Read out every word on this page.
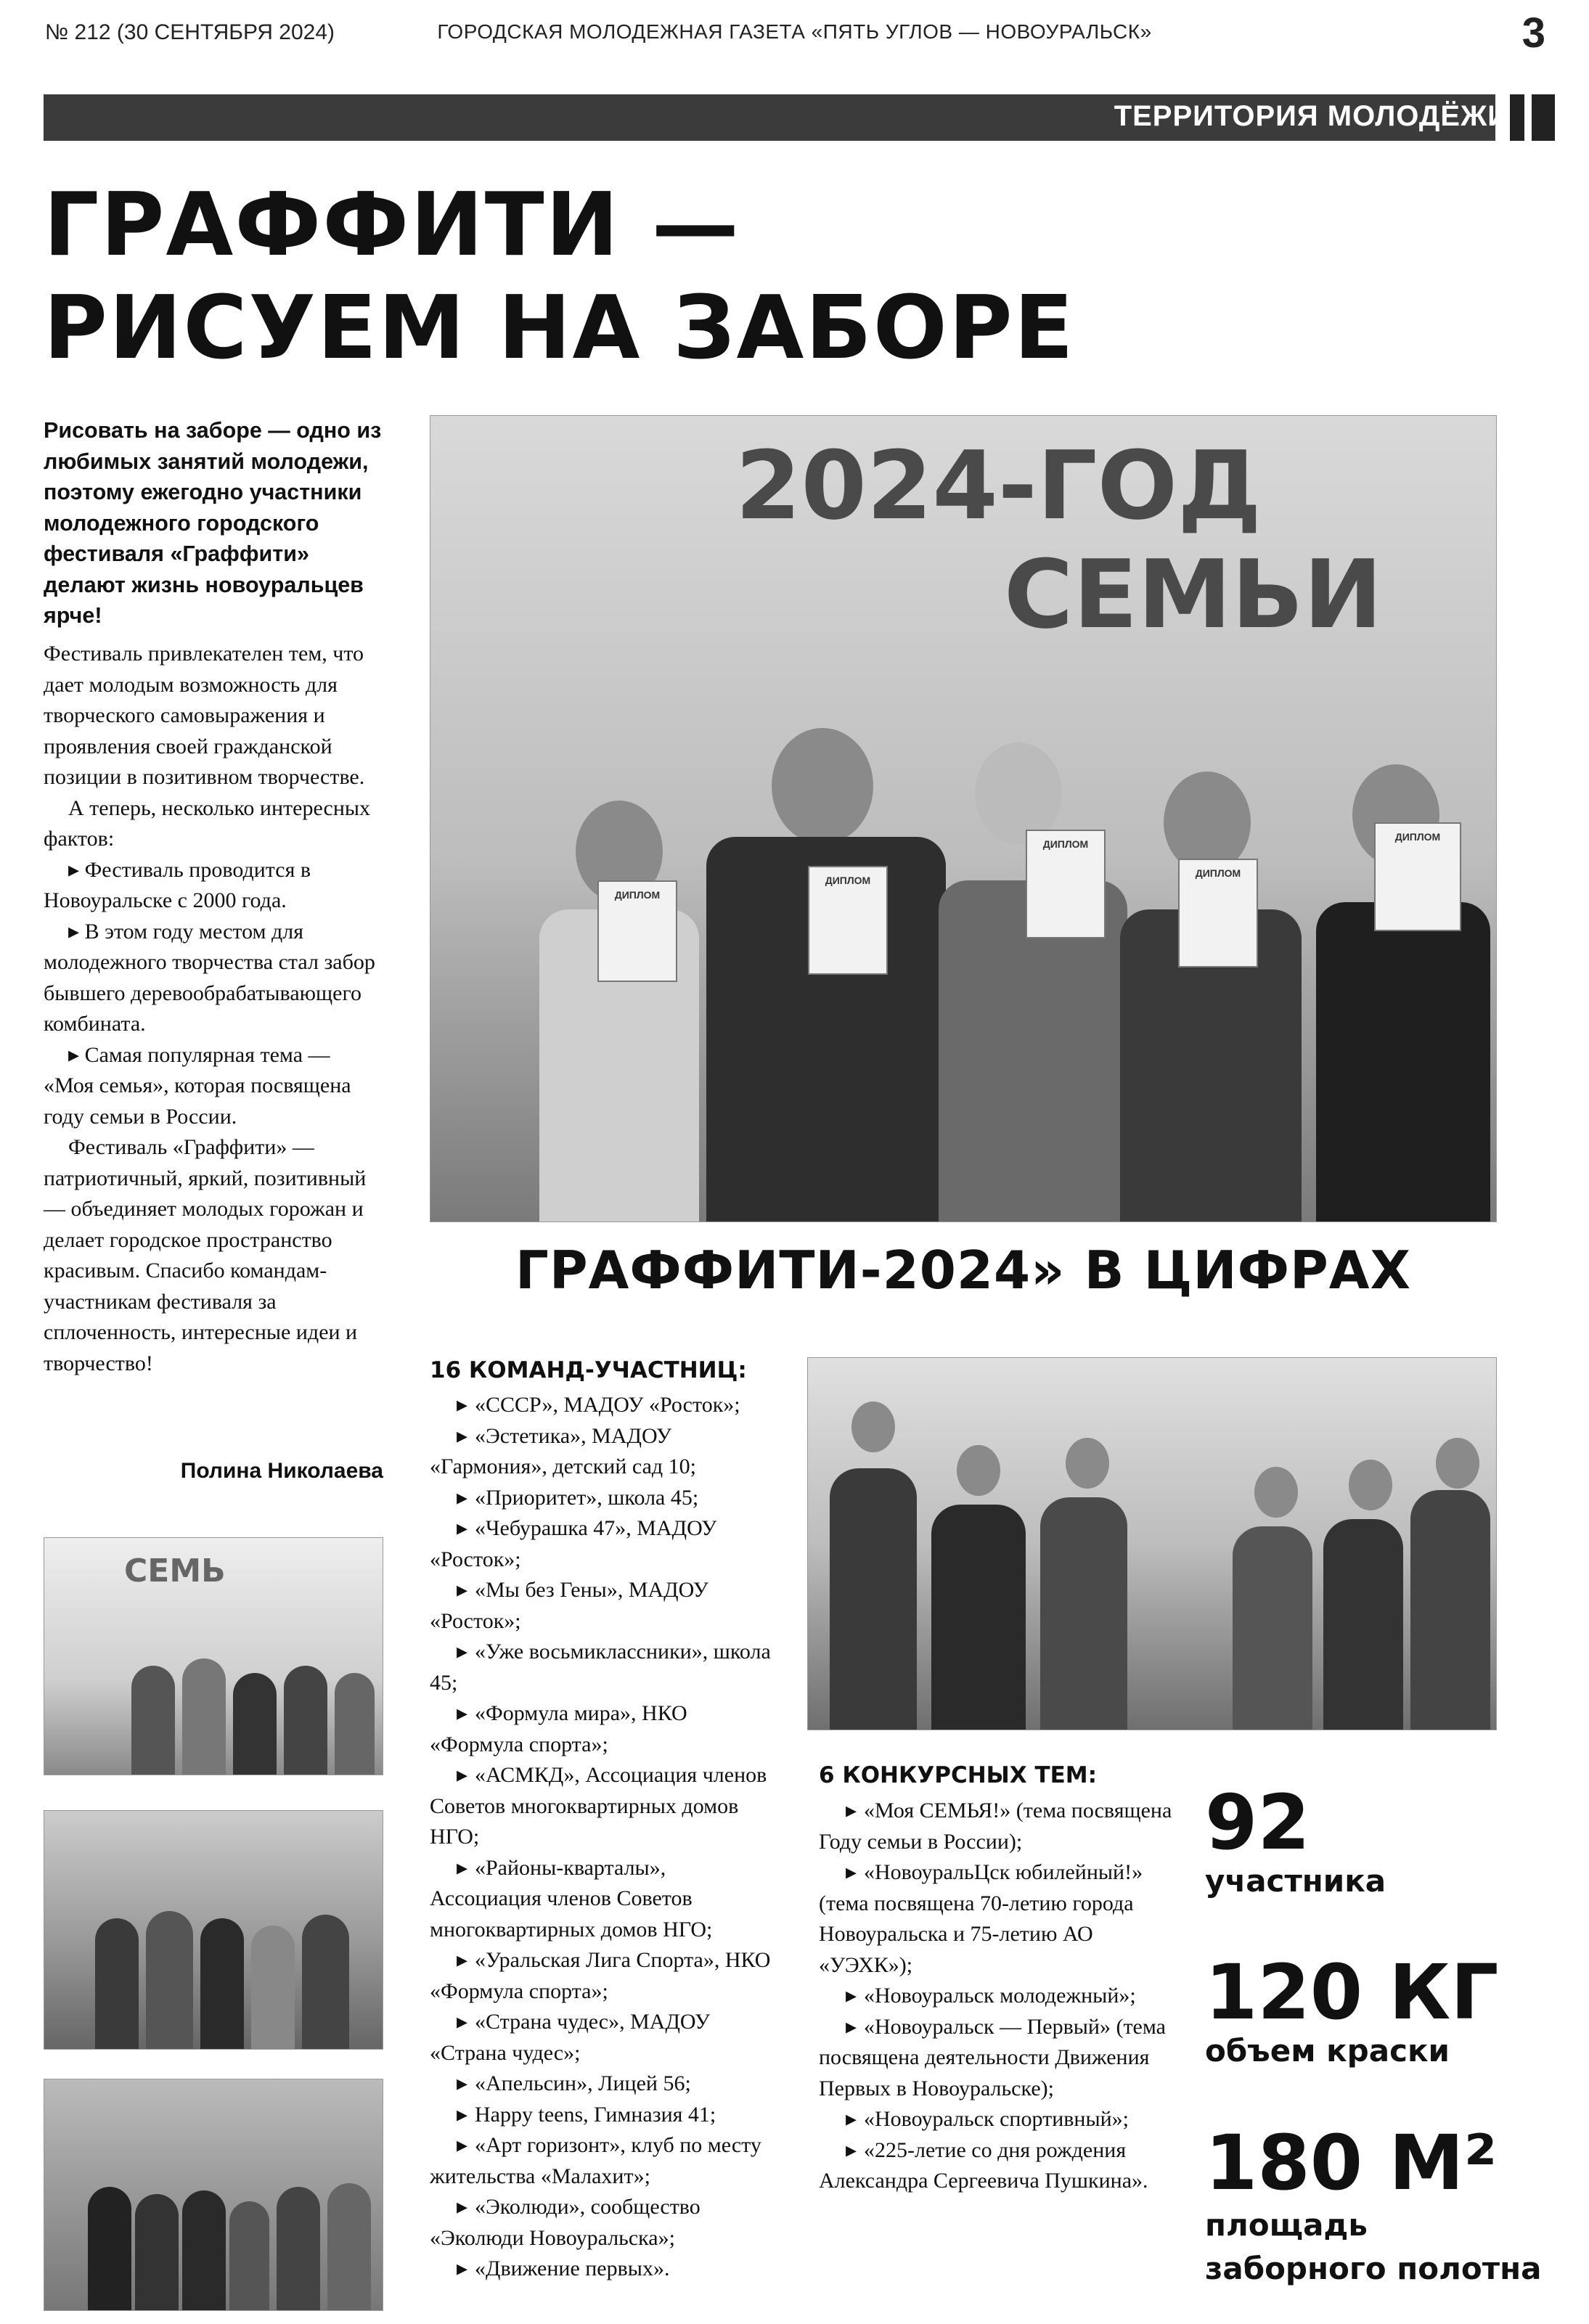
№ 212 (30 СЕНТЯБРЯ 2024)	ГОРОДСКАЯ МОЛОДЕЖНАЯ ГАЗЕТА «ПЯТЬ УГЛОВ — НОВОУРАЛЬСК»	3
ТЕРРИТОРИЯ МОЛОДЁЖИ
ГРАФФИТИ —
РИСУЕМ НА ЗАБОРЕ
Рисовать на заборе — одно из любимых занятий молодежи, поэтому ежегодно участники молодежного городского фестиваля «Граффити» делают жизнь новоуральцев ярче!

Фестиваль привлекателен тем, что дает молодым возможность для творческого самовыражения и проявления своей гражданской позиции в позитивном творчестве.

А теперь, несколько интересных фактов:

▸ Фестиваль проводится в Новоуральске с 2000 года.

▸ В этом году местом для молодежного творчества стал забор бывшего деревообрабатывающего комбината.

▸ Самая популярная тема — «Моя семья», которая посвящена году семьи в России.

Фестиваль «Граффити» — патриотичный, яркий, позитивный — объединяет молодых горожан и делает городское пространство красивым. Спасибо командам-участникам фестиваля за сплоченность, интересные идеи и творчество!

Полина Николаева
2024-ГОД
СЕМЬИ
ДИПЛОМ
ДИПЛОМ
ДИПЛОМ
ДИПЛОМ
ДИПЛОМ
ГРАФФИТИ-2024» В ЦИФРАХ
СЕМЬ
16 КОМАНД-УЧАСТНИЦ:
▸ «СССР», МАДОУ «Росток»;
▸ «Эстетика», МАДОУ «Гармония», детский сад 10;
▸ «Приоритет», школа 45;
▸ «Чебурашка 47», МАДОУ «Росток»;
▸ «Мы без Гены», МАДОУ «Росток»;
▸ «Уже восьмиклассники», школа 45;
▸ «Формула мира», НКО «Формула спорта»;
▸ «АСМКД», Ассоциация членов Советов многоквартирных домов НГО;
▸ «Районы-кварталы», Ассоциация членов Советов многоквартирных домов НГО;
▸ «Уральская Лига Спорта», НКО «Формула спорта»;
▸ «Страна чудес», МАДОУ «Страна чудес»;
▸ «Апельсин», Лицей 56;
▸ Happy teens, Гимназия 41;
▸ «Арт горизонт», клуб по месту жительства «Малахит»;
▸ «Эколюди», сообщество «Эколюди Новоуральска»;
▸ «Движение первых».
6 КОНКУРСНЫХ ТЕМ:
▸ «Моя СЕМЬЯ!» (тема посвящена Году семьи в России);
▸ «НовоуральЦск юбилейный!» (тема посвящена 70-летию города Новоуральска и 75-летию АО «УЭХК»);
▸ «Новоуральск молодежный»;
▸ «Новоуральск — Первый» (тема посвящена деятельности Движения Первых в Новоуральске);
▸ «Новоуральск спортивный»;
▸ «225-летие со дня рождения Александра Сергеевича Пушкина».
92
участника
120 КГ
объем краски
180 М²
площадь
заборного полотна
